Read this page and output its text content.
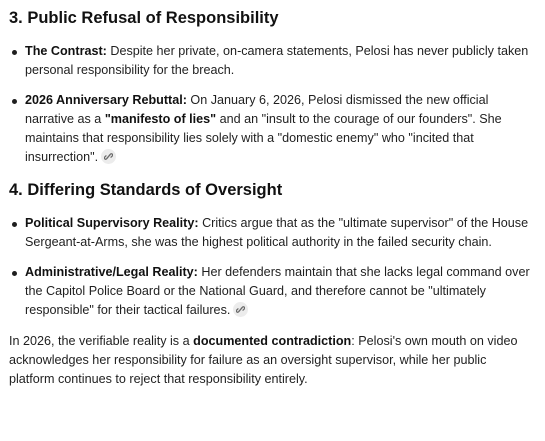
3. Public Refusal of Responsibility
The Contrast: Despite her private, on-camera statements, Pelosi has never publicly taken personal responsibility for the breach.
2026 Anniversary Rebuttal: On January 6, 2026, Pelosi dismissed the new official narrative as a "manifesto of lies" and an "insult to the courage of our founders". She maintains that responsibility lies solely with a "domestic enemy" who "incited that insurrection".
4. Differing Standards of Oversight
Political Supervisory Reality: Critics argue that as the "ultimate supervisor" of the House Sergeant-at-Arms, she was the highest political authority in the failed security chain.
Administrative/Legal Reality: Her defenders maintain that she lacks legal command over the Capitol Police Board or the National Guard, and therefore cannot be "ultimately responsible" for their tactical failures.

In 2026, the verifiable reality is a documented contradiction: Pelosi's own mouth on video acknowledges her responsibility for failure as an oversight supervisor, while her public platform continues to reject that responsibility entirely.
